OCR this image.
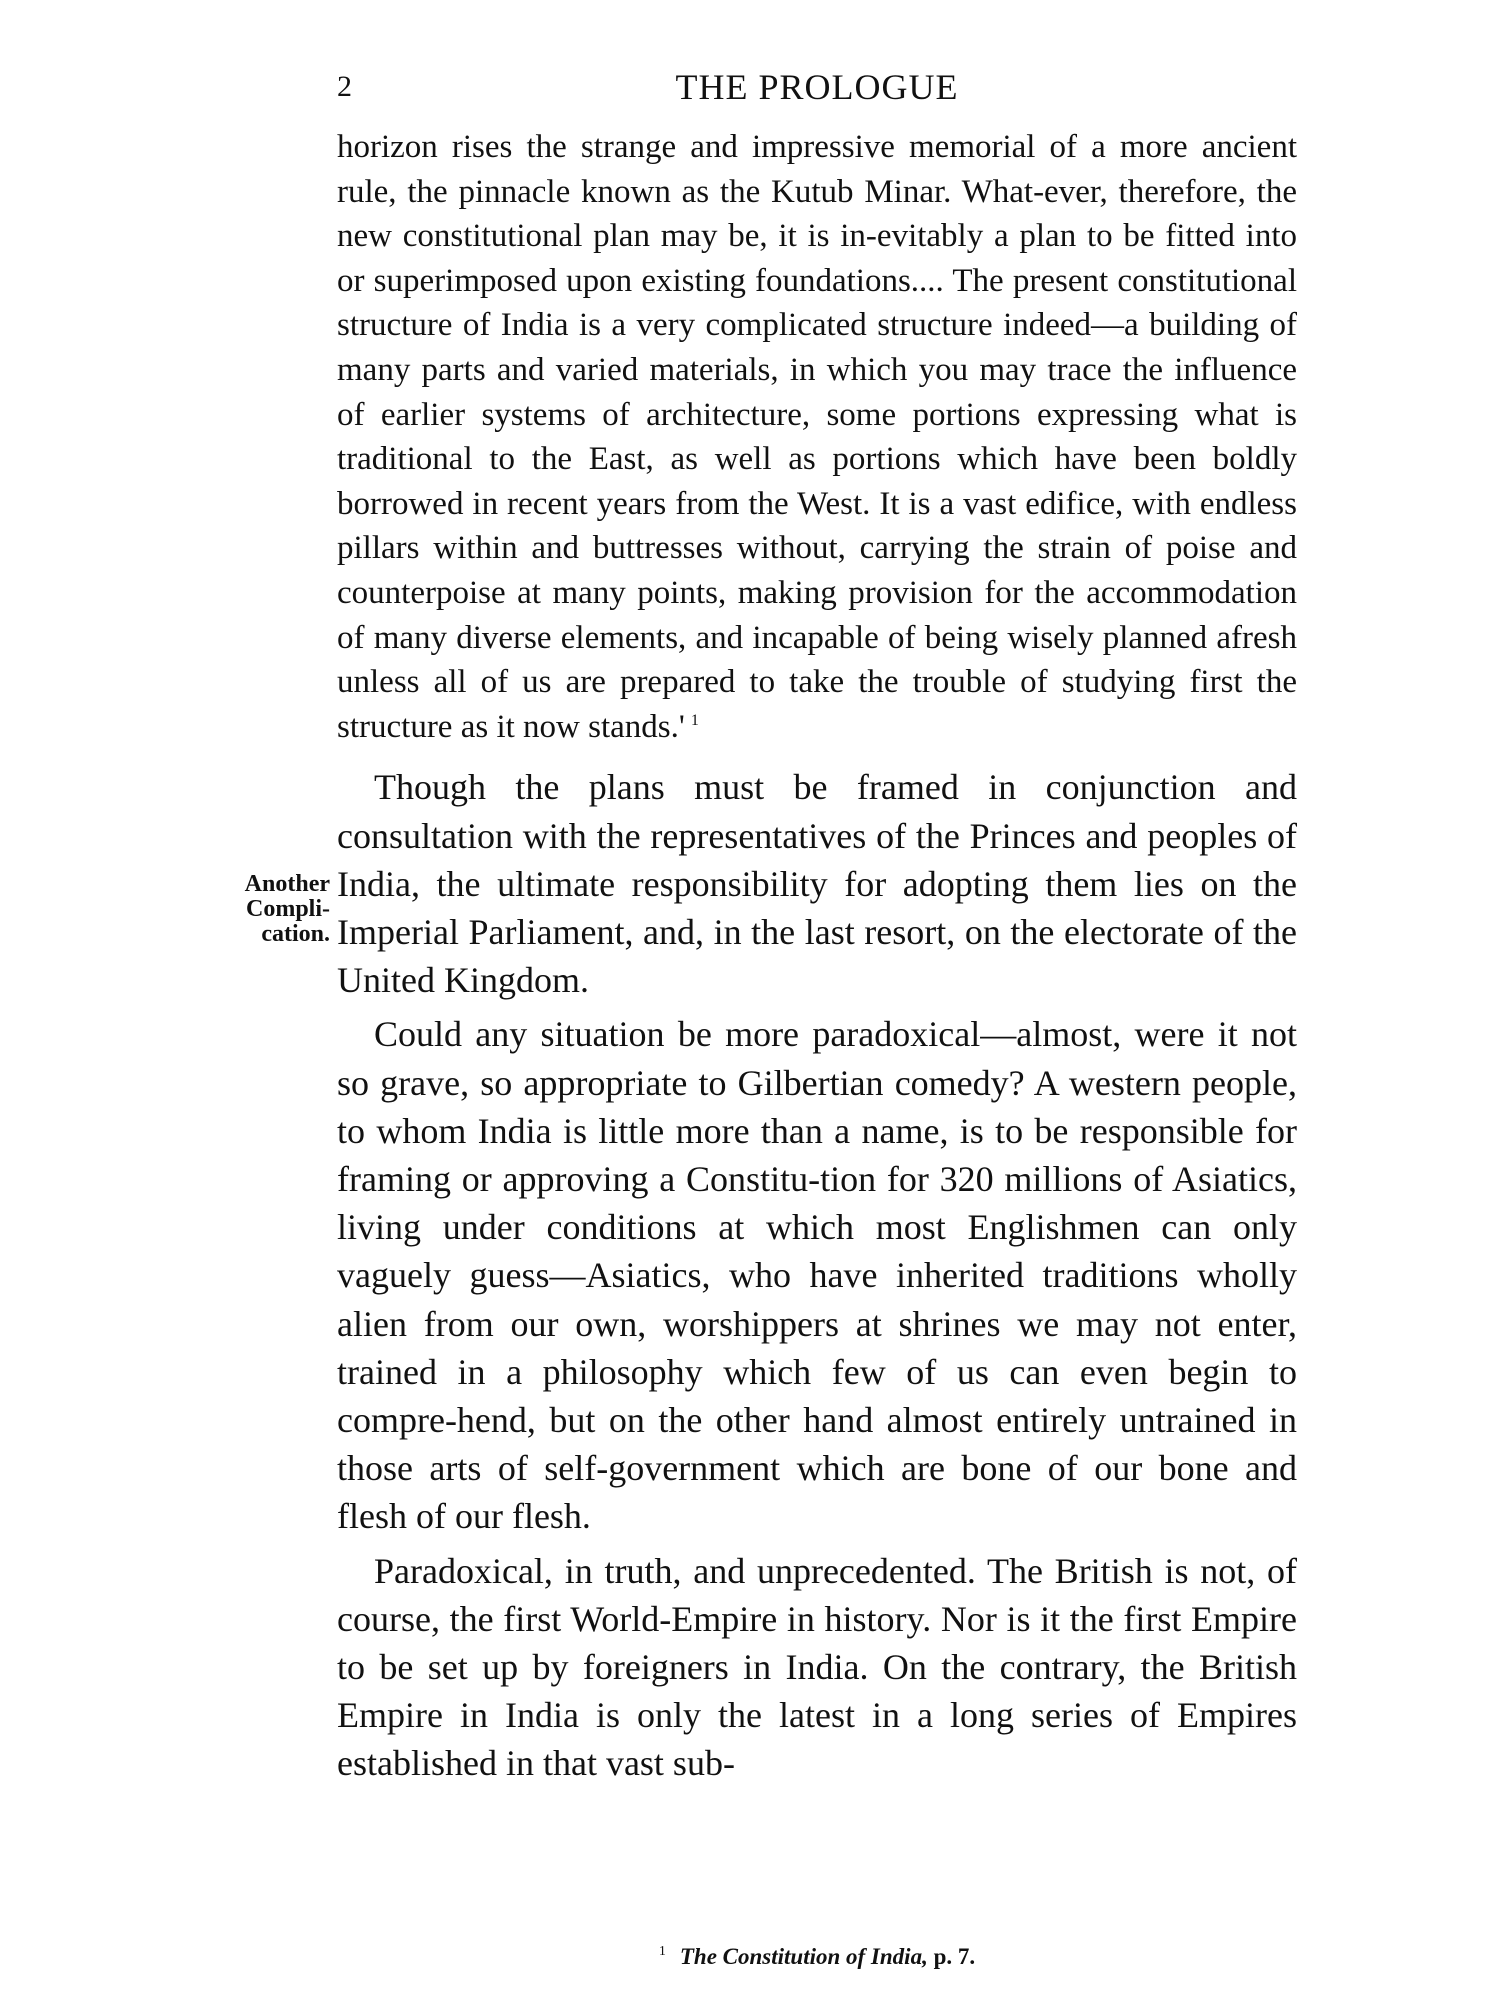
2	THE PROLOGUE
Another
Compli-
cation.

horizon rises the strange and impressive memorial of a more ancient rule, the pinnacle known as the Kutub Minar. What-ever, therefore, the new constitutional plan may be, it is in-evitably a plan to be fitted into or superimposed upon existing foundations.... The present constitutional structure of India is a very complicated structure indeed—a building of many parts and varied materials, in which you may trace the influence of earlier systems of architecture, some portions expressing what is traditional to the East, as well as portions which have been boldly borrowed in recent years from the West. It is a vast edifice, with endless pillars within and buttresses without, carrying the strain of poise and counterpoise at many points, making provision for the accommodation of many diverse elements, and incapable of being wisely planned afresh unless all of us are prepared to take the trouble of studying first the structure as it now stands.' $^1$

Though the plans must be framed in conjunction and consultation with the representatives of the Princes and peoples of India, the ultimate responsibility for adopting them lies on the Imperial Parliament, and, in the last resort, on the electorate of the United Kingdom.

Could any situation be more paradoxical—almost, were it not so grave, so appropriate to Gilbertian comedy? A western people, to whom India is little more than a name, is to be responsible for framing or approving a Constitu-tion for 320 millions of Asiatics, living under conditions at which most Englishmen can only vaguely guess—Asiatics, who have inherited traditions wholly alien from our own, worshippers at shrines we may not enter, trained in a philosophy which few of us can even begin to compre-hend, but on the other hand almost entirely untrained in those arts of self-government which are bone of our bone and flesh of our flesh.

Paradoxical, in truth, and unprecedented. The British is not, of course, the first World-Empire in history. Nor is it the first Empire to be set up by foreigners in India. On the contrary, the British Empire in India is only the latest in a long series of Empires established in that vast sub-

$^1$ The Constitution of India, p. 7.
